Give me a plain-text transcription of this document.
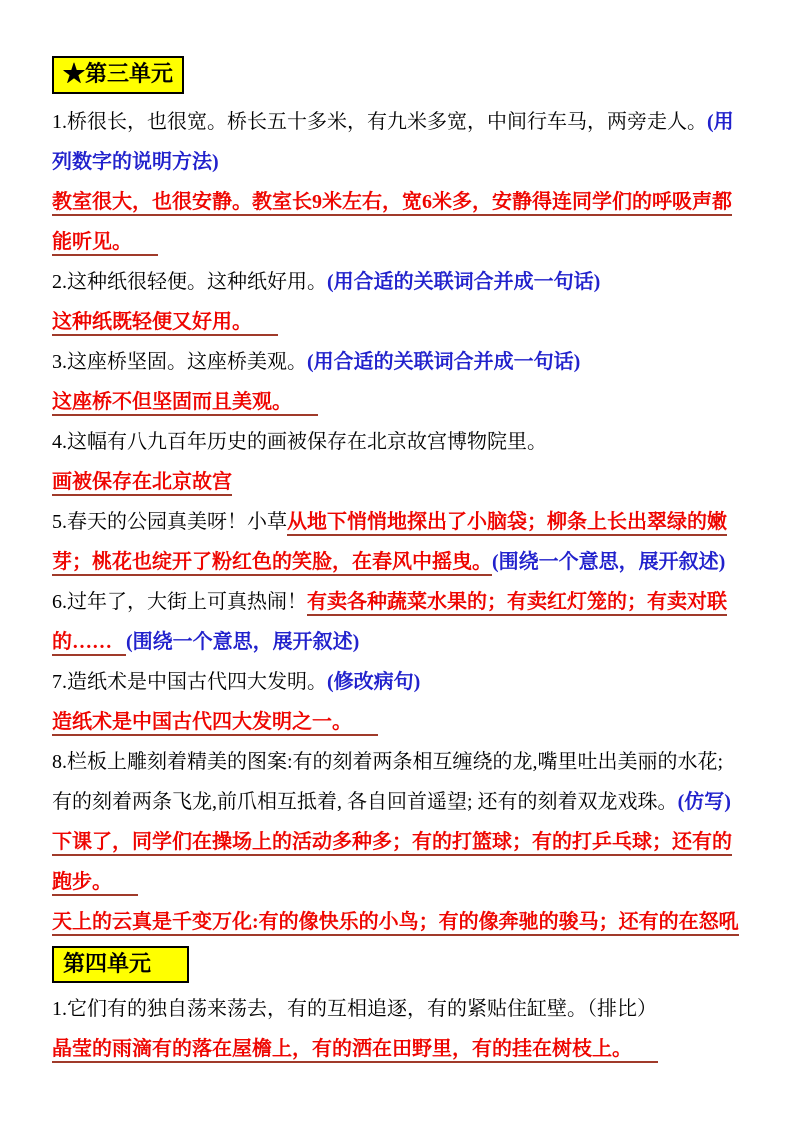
★第三单元

1.桥很长，也很宽。桥长五十多米，有九米多宽，中间行车马，两旁走人。(用列数字的说明方法)

教室很大，也很安静。教室长9米左右，宽6米多，安静得连同学们的呼吸声都能听见。

2.这种纸很轻便。这种纸好用。(用合适的关联词合并成一句话)

这种纸既轻便又好用。

3.这座桥坚固。这座桥美观。(用合适的关联词合并成一句话)

这座桥不但坚固而且美观。

4.这幅有八九百年历史的画被保存在北京故宫博物院里。

画被保存在北京故宫

5.春天的公园真美呀！小草从地下悄悄地探出了小脑袋；柳条上长出翠绿的嫩芽；桃花也绽开了粉红色的笑脸，在春风中摇曳。(围绕一个意思，展开叙述)

6.过年了，大街上可真热闹！有卖各种蔬菜水果的；有卖红灯笼的；有卖对联的…… (围绕一个意思，展开叙述)

7.造纸术是中国古代四大发明。(修改病句)

造纸术是中国古代四大发明之一。

8.栏板上雕刻着精美的图案:有的刻着两条相互缠绕的龙,嘴里吐出美丽的水花; 有的刻着两条飞龙,前爪相互抵着, 各自回首遥望; 还有的刻着双龙戏珠。(仿写)

下课了，同学们在操场上的活动多种多；有的打篮球；有的打乒乓球；还有的跑步。

天上的云真是千变万化:有的像快乐的小鸟；有的像奔驰的骏马；还有的在怒吼

第四单元

1.它们有的独自荡来荡去，有的互相追逐，有的紧贴住缸壁。（排比）

晶莹的雨滴有的落在屋檐上，有的洒在田野里，有的挂在树枝上。
